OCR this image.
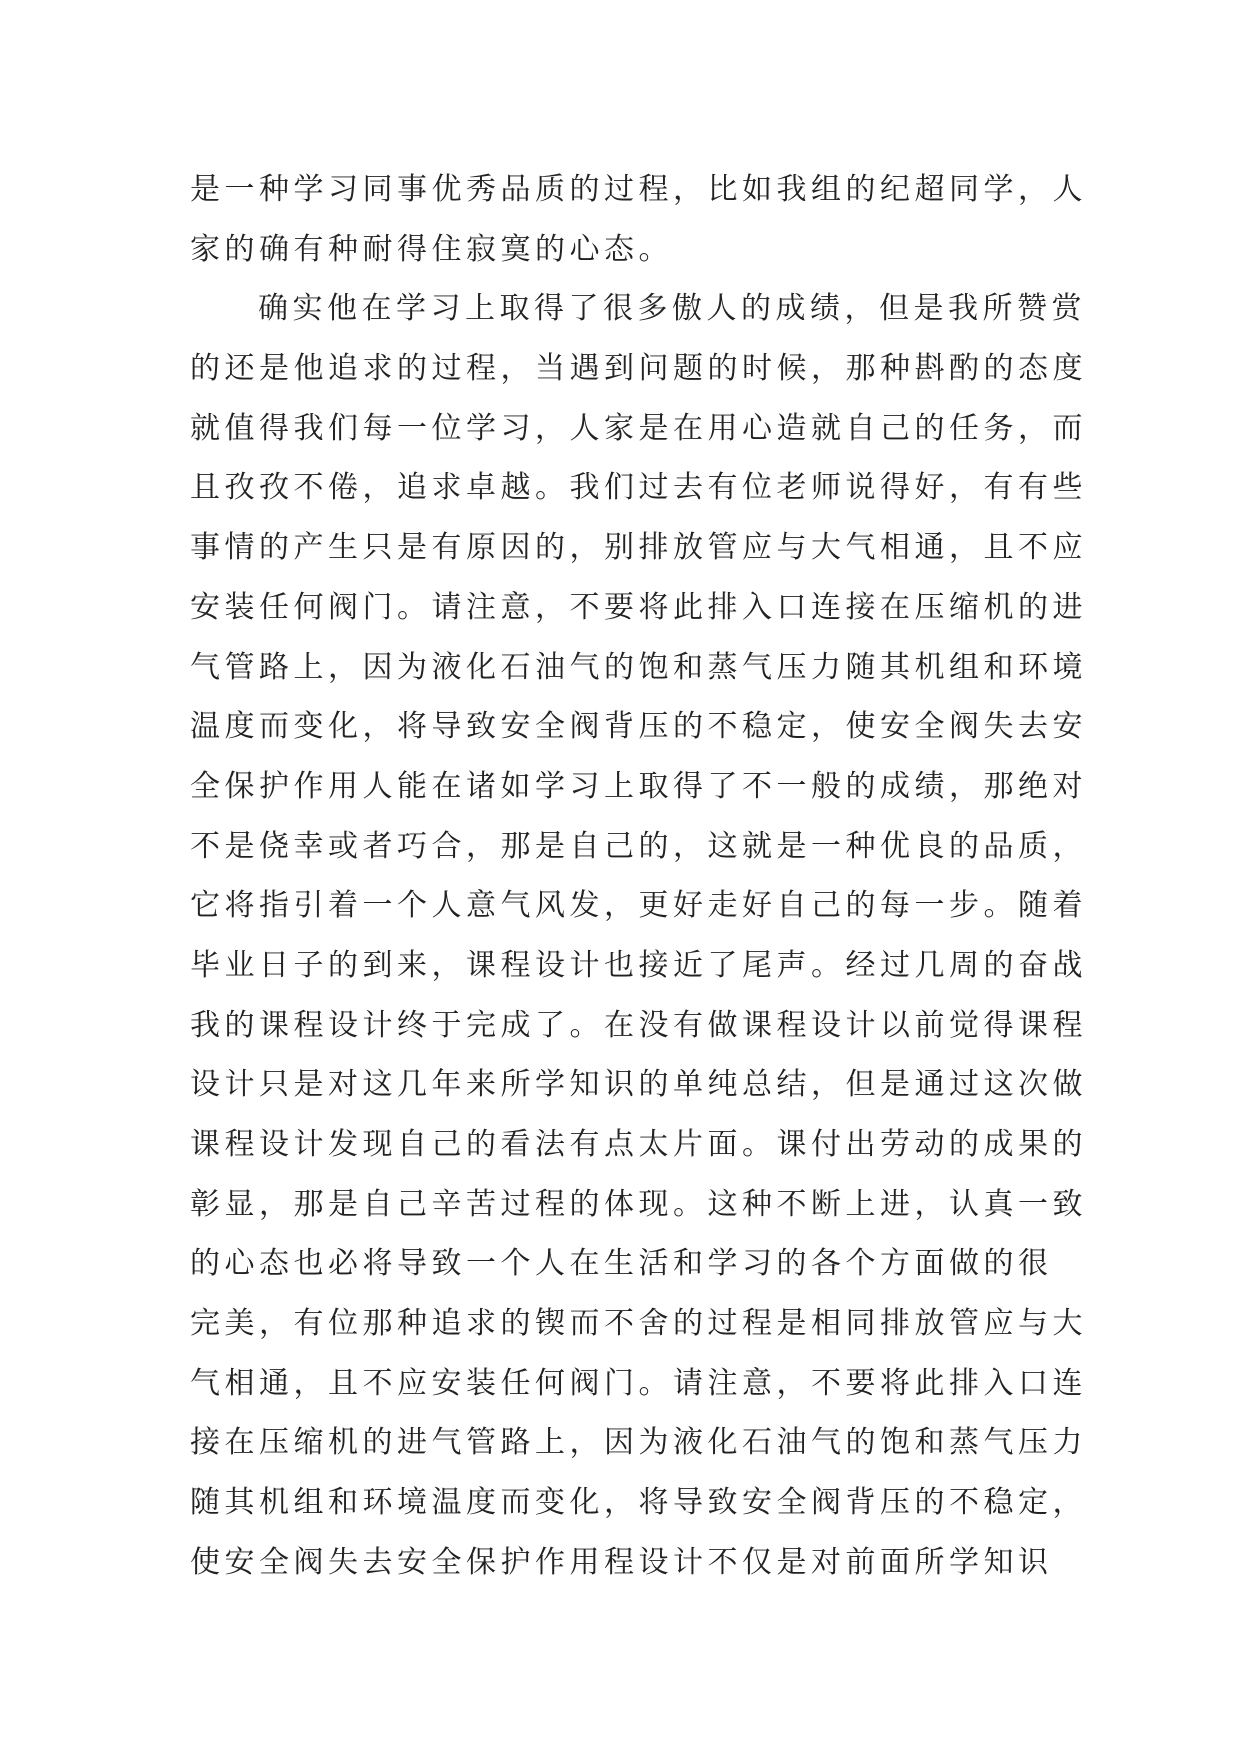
是一种学习同事优秀品质的过程，比如我组的纪超同学，人
家的确有种耐得住寂寞的心态。
确实他在学习上取得了很多傲人的成绩，但是我所赞赏
的还是他追求的过程，当遇到问题的时候，那种斟酌的态度
就值得我们每一位学习，人家是在用心造就自己的任务，而
且孜孜不倦，追求卓越。我们过去有位老师说得好，有有些
事情的产生只是有原因的，别排放管应与大气相通，且不应
安装任何阀门。请注意，不要将此排入口连接在压缩机的进
气管路上，因为液化石油气的饱和蒸气压力随其机组和环境
温度而变化，将导致安全阀背压的不稳定，使安全阀失去安
全保护作用人能在诸如学习上取得了不一般的成绩，那绝对
不是侥幸或者巧合，那是自己的，这就是一种优良的品质，
它将指引着一个人意气风发，更好走好自己的每一步。随着
毕业日子的到来，课程设计也接近了尾声。经过几周的奋战
我的课程设计终于完成了。在没有做课程设计以前觉得课程
设计只是对这几年来所学知识的单纯总结，但是通过这次做
课程设计发现自己的看法有点太片面。课付出劳动的成果的
彰显，那是自己辛苦过程的体现。这种不断上进，认真一致
的心态也必将导致一个人在生活和学习的各个方面做的很
完美，有位那种追求的锲而不舍的过程是相同排放管应与大
气相通，且不应安装任何阀门。请注意，不要将此排入口连
接在压缩机的进气管路上，因为液化石油气的饱和蒸气压力
随其机组和环境温度而变化，将导致安全阀背压的不稳定，
使安全阀失去安全保护作用程设计不仅是对前面所学知识
